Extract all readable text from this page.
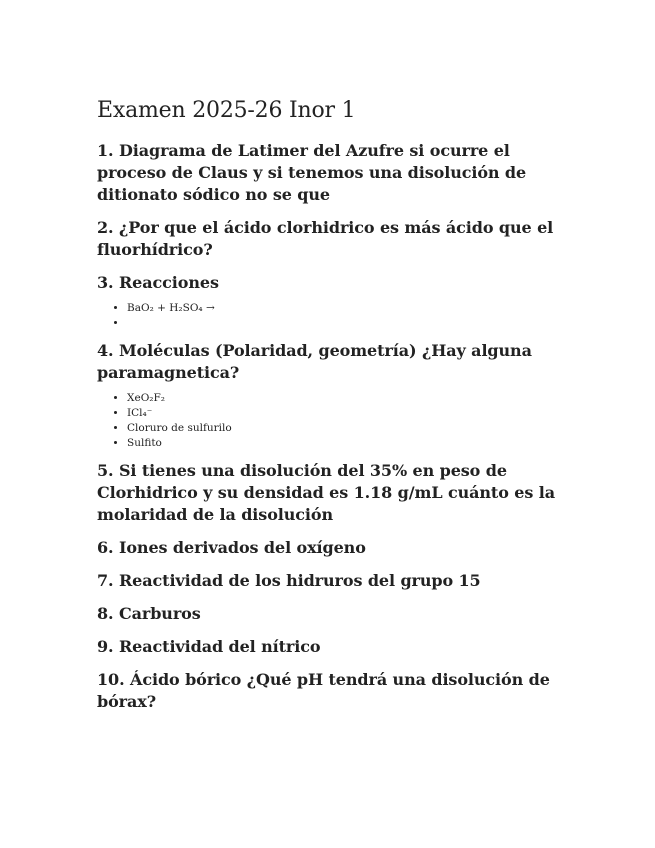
Examen 2025-26 Inor 1

1. Diagrama de Latimer del Azufre si ocurre el proceso de Claus y si tenemos una disolución de ditionato sódico no se que

2. ¿Por que el ácido clorhidrico es más ácido que el fluorhídrico?

3. Reacciones

• BaO₂ + H₂SO₄ →
•

4. Moléculas (Polaridad, geometría) ¿Hay alguna paramagnetica?

• XeO₂F₂
• ICl₄⁻
• Cloruro de sulfurilo
• Sulfito

5. Si tienes una disolución del 35% en peso de Clorhidrico y su densidad es 1.18 g/mL cuánto es la molaridad de la disolución

6. Iones derivados del oxígeno

7. Reactividad de los hidruros del grupo 15

8. Carburos

9. Reactividad del nítrico

10. Ácido bórico ¿Qué pH tendrá una disolución de bórax?
